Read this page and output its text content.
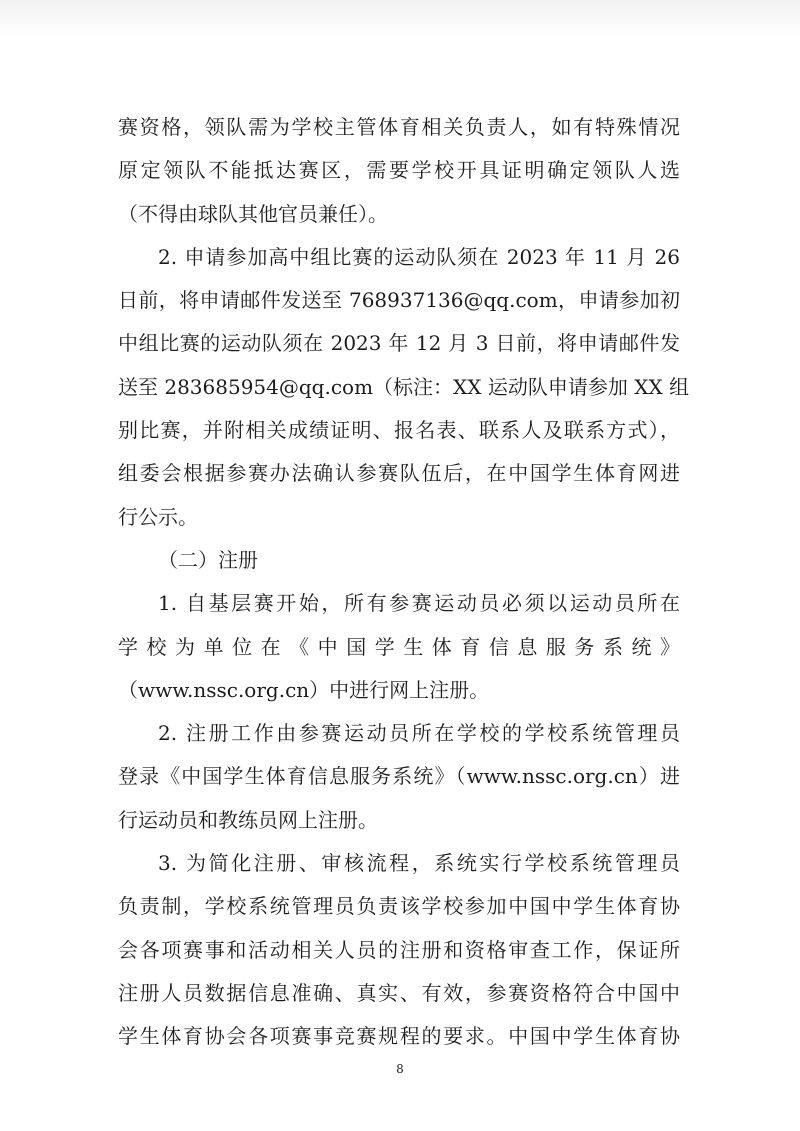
赛资格，领队需为学校主管体育相关负责人，如有特殊情况
原定领队不能抵达赛区，需要学校开具证明确定领队人选
（不得由球队其他官员兼任）。
2. 申请参加高中组比赛的运动队须在 2023 年 11 月 26
日前，将申请邮件发送至 768937136@qq.com，申请参加初
中组比赛的运动队须在 2023 年 12 月 3 日前，将申请邮件发
送至 283685954@qq.com（标注：XX 运动队申请参加 XX 组
别比赛，并附相关成绩证明、报名表、联系人及联系方式），
组委会根据参赛办法确认参赛队伍后，在中国学生体育网进
行公示。
（二）注册
1. 自基层赛开始，所有参赛运动员必须以运动员所在
学校为单位在《中国学生体育信息服务系统》
（www.nssc.org.cn）中进行网上注册。
2. 注册工作由参赛运动员所在学校的学校系统管理员
登录《中国学生体育信息服务系统》（www.nssc.org.cn）进
行运动员和教练员网上注册。
3. 为简化注册、审核流程，系统实行学校系统管理员
负责制，学校系统管理员负责该学校参加中国中学生体育协
会各项赛事和活动相关人员的注册和资格审查工作，保证所
注册人员数据信息准确、真实、有效，参赛资格符合中国中
学生体育协会各项赛事竞赛规程的要求。中国中学生体育协
8
